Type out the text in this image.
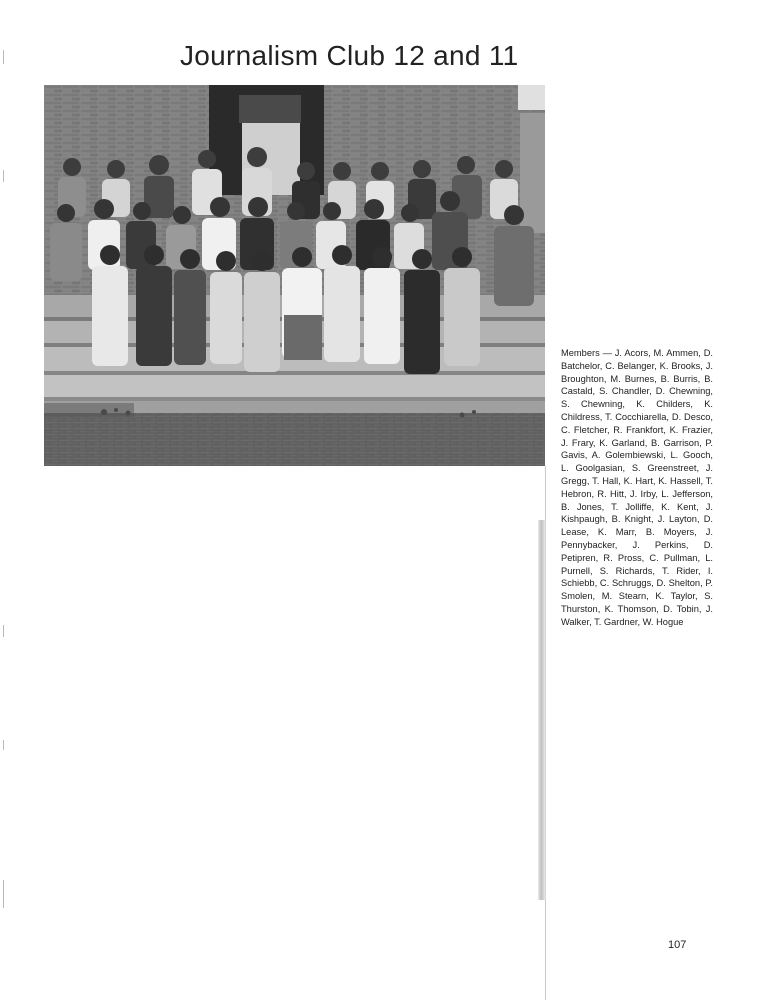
Journalism Club 12 and 11
Members — J. Acors, M. Ammen, D. Batchelor, C. Belanger, K. Brooks, J. Broughton, M. Burnes, B. Burris, B. Castald, S. Chandler, D. Chewning, S. Chewning, K. Childers, K. Childress, T. Cocchiarella, D. Desco, C. Fletcher, R. Frankfort, K. Frazier, J. Frary, K. Garland, B. Garrison, P. Gavis, A. Golembiewski, L. Gooch, L. Goolgasian, S. Greenstreet, J. Gregg, T. Hall, K. Hart, K. Hassell, T. Hebron, R. Hitt, J. Irby, L. Jefferson, B. Jones, T. Jolliffe, K. Kent, J. Kishpaugh, B. Knight, J. Layton, D. Lease, K. Marr, B. Moyers, J. Pennybacker, J. Perkins, D. Petipren, R. Pross, C. Pullman, L. Purnell, S. Richards, T. Rider, I. Schiebb, C. Schruggs, D. Shelton, P. Smolen, M. Stearn, K. Taylor, S. Thurston, K. Thomson, D. Tobin, J. Walker, T. Gardner, W. Hogue
107
